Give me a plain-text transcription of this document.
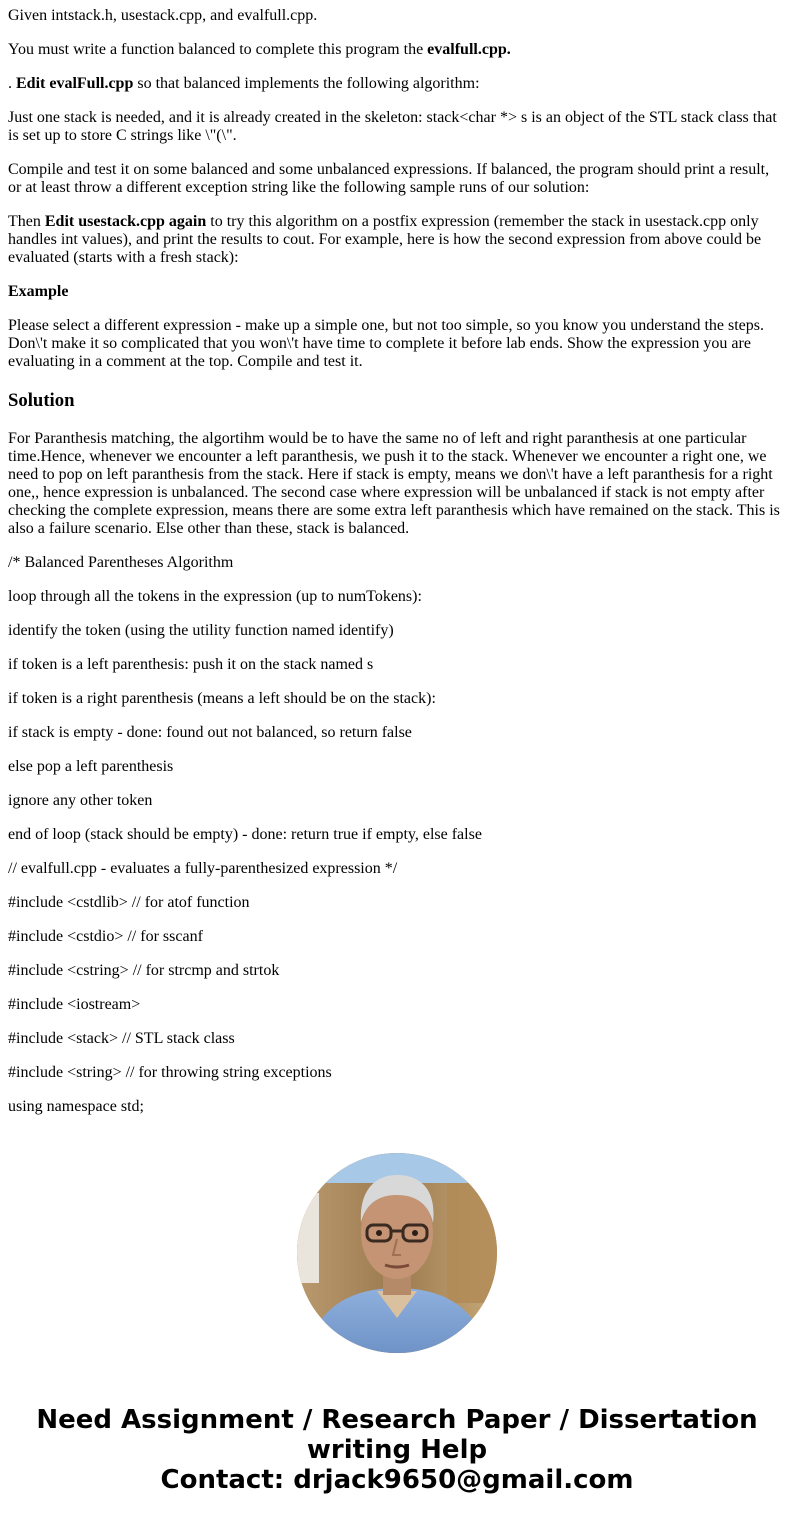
Given intstack.h, usestack.cpp, and evalfull.cpp.

You must write a function balanced to complete this program the evalfull.cpp.

. Edit evalFull.cpp so that balanced implements the following algorithm:

Just one stack is needed, and it is already created in the skeleton: stack<char *> s is an object of the STL stack class that is set up to store C strings like \"(\".

Compile and test it on some balanced and some unbalanced expressions. If balanced, the program should print a result, or at least throw a different exception string like the following sample runs of our solution:

Then Edit usestack.cpp again to try this algorithm on a postfix expression (remember the stack in usestack.cpp only handles int values), and print the results to cout. For example, here is how the second expression from above could be evaluated (starts with a fresh stack):

Example

Please select a different expression - make up a simple one, but not too simple, so you know you understand the steps. Don\'t make it so complicated that you won\'t have time to complete it before lab ends. Show the expression you are evaluating in a comment at the top. Compile and test it.

Solution

For Paranthesis matching, the algortihm would be to have the same no of left and right paranthesis at one particular time.Hence, whenever we encounter a left paranthesis, we push it to the stack. Whenever we encounter a right one, we need to pop on left paranthesis from the stack. Here if stack is empty, means we don\'t have a left paranthesis for a right one,, hence expression is unbalanced. The second case where expression will be unbalanced if stack is not empty after checking the complete expression, means there are some extra left paranthesis which have remained on the stack. This is also a failure scenario. Else other than these, stack is balanced.

/* Balanced Parentheses Algorithm

loop through all the tokens in the expression (up to numTokens):

identify the token (using the utility function named identify)

if token is a left parenthesis: push it on the stack named s

if token is a right parenthesis (means a left should be on the stack):

if stack is empty - done: found out not balanced, so return false

else pop a left parenthesis

ignore any other token

end of loop (stack should be empty) - done: return true if empty, else false

// evalfull.cpp - evaluates a fully-parenthesized expression */

#include <cstdlib> // for atof function

#include <cstdio> // for sscanf

#include <cstring> // for strcmp and strtok

#include <iostream>

#include <stack> // STL stack class

#include <string> // for throwing string exceptions

using namespace std;

Need Assignment / Research Paper / Dissertation writing Help
Contact: drjack9650@gmail.com
